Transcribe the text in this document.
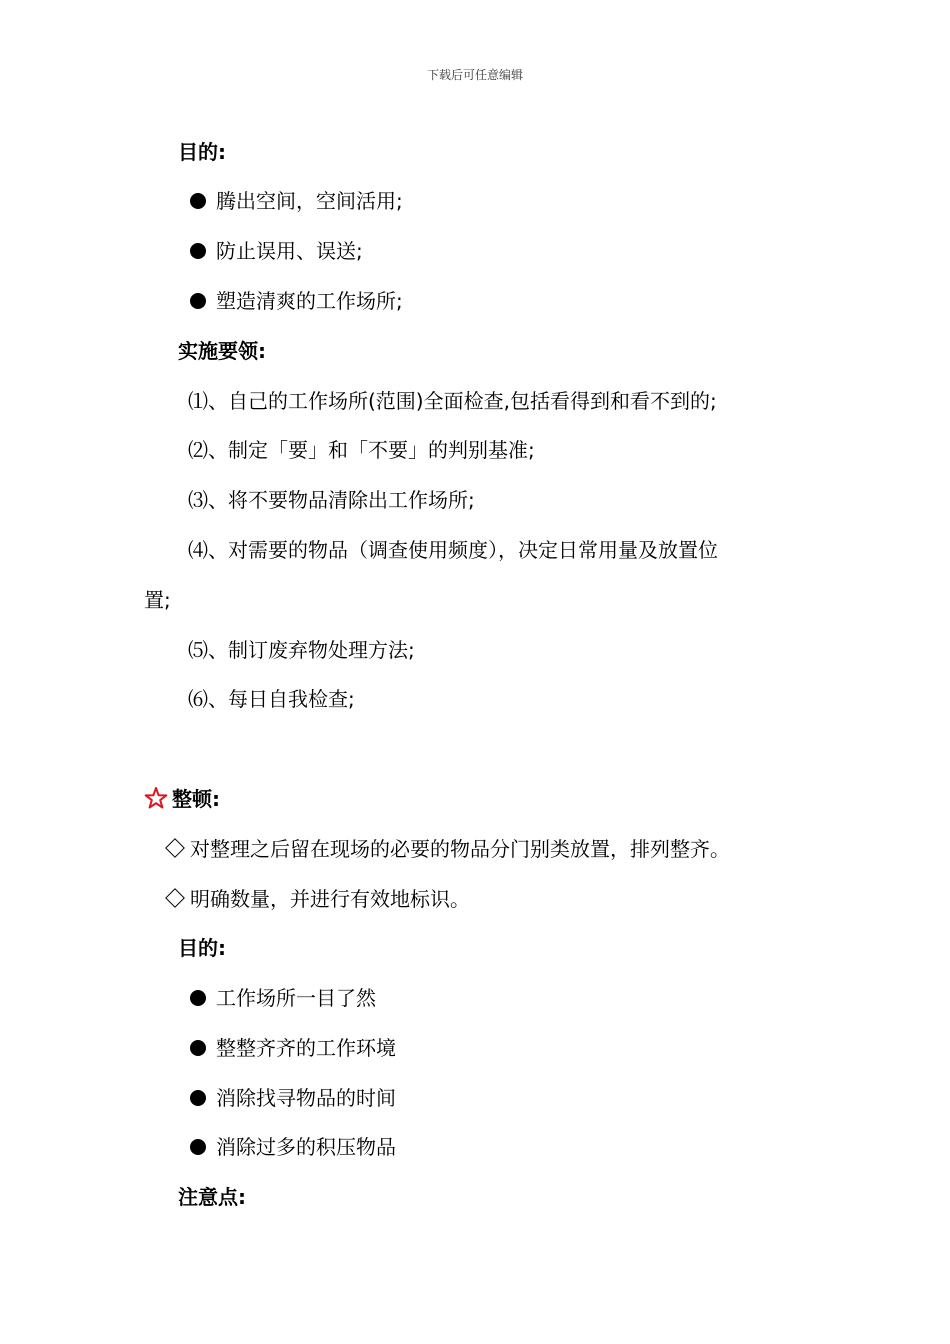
下载后可任意编辑
目的:
腾出空间，空间活用;
防止误用、误送;
塑造清爽的工作场所;
实施要领:
⑴、自己的工作场所(范围)全面检查,包括看得到和看不到的;
⑵、制定「要」和「不要」的判别基准;
⑶、将不要物品清除出工作场所;
⑷、对需要的物品（调查使用频度），决定日常用量及放置位
置;
⑸、制订废弃物处理方法;
⑹、每日自我检查;
整顿:
对整理之后留在现场的必要的物品分门别类放置，排列整齐。
明确数量，并进行有效地标识。
目的:
工作场所一目了然
整整齐齐的工作环境
消除找寻物品的时间
消除过多的积压物品
注意点:
